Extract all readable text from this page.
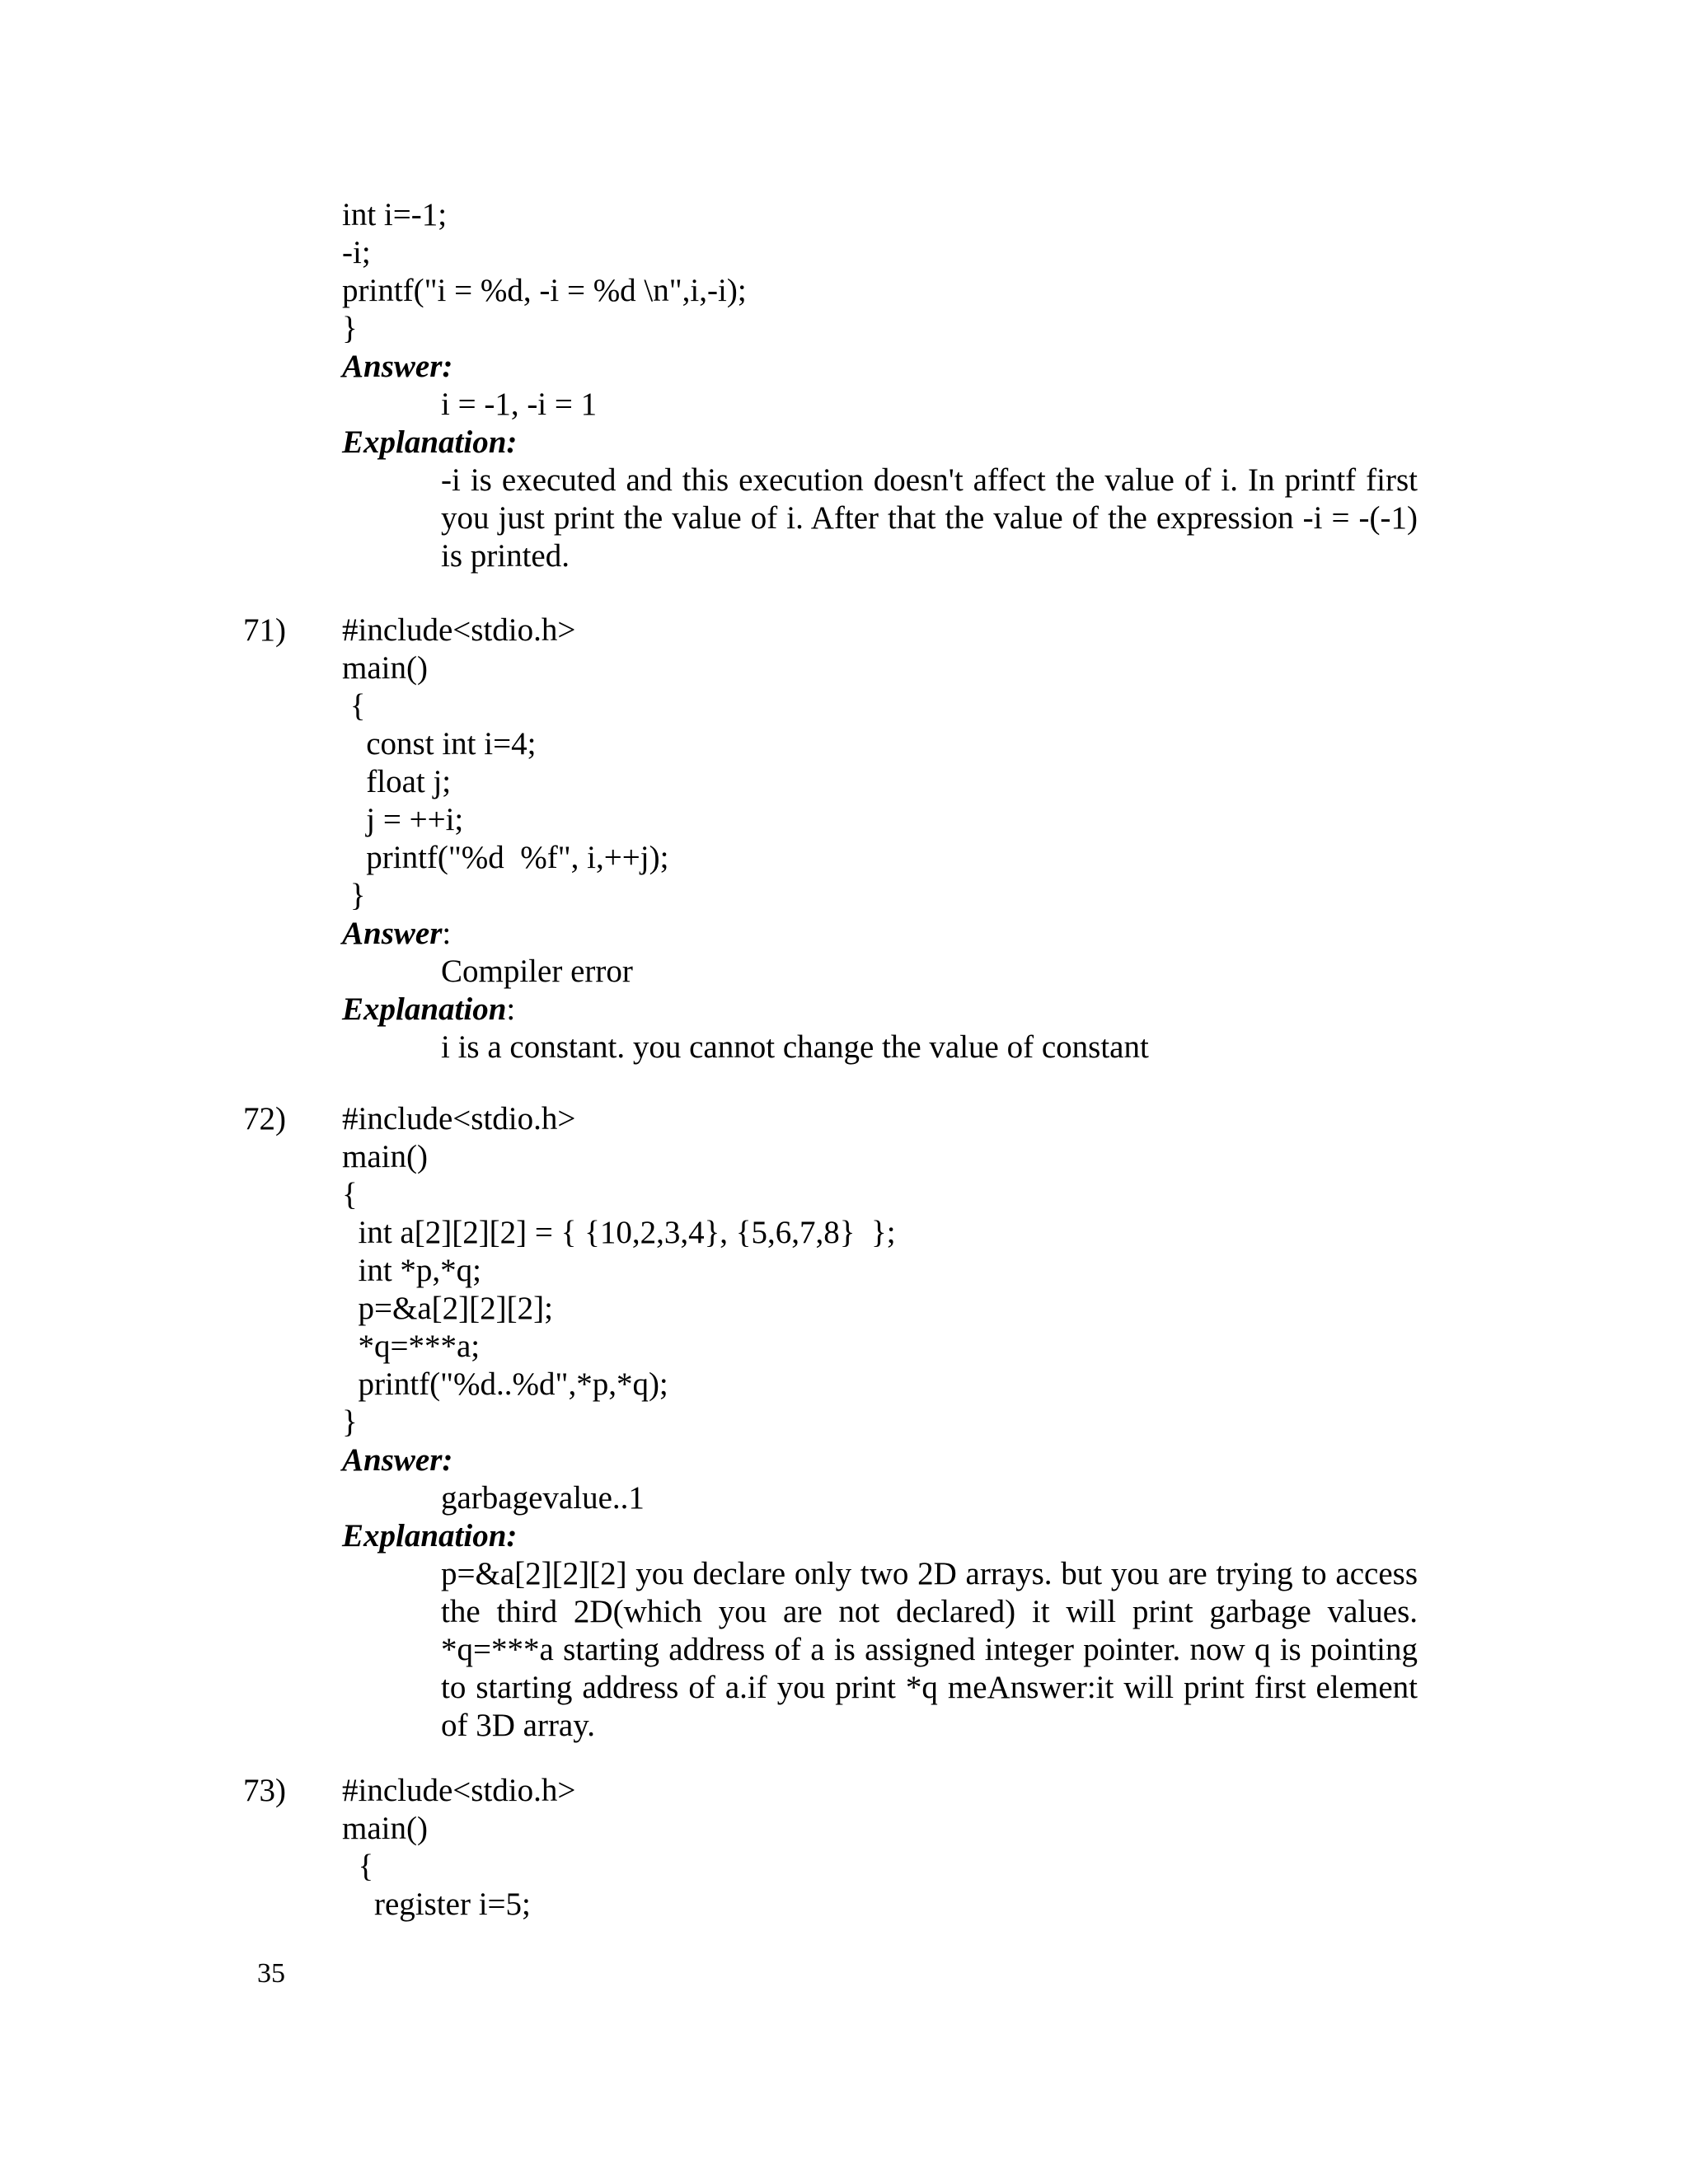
int i=-1;
-i;
printf("i = %d, -i = %d \n",i,-i);
}
Answer:
i = -1, -i = 1
Explanation:
-i is executed and this execution doesn't affect the value of i. In printf first
you just print the value of i. After that the value of the expression -i = -(-1)
is printed.
71) #include<stdio.h>
main()
{
const int i=4;
float j;
j = ++i;
printf("%d  %f", i,++j);
}
Answer:
Compiler error
Explanation:
i is a constant. you cannot change the value of constant
72) #include<stdio.h>
main()
{
int a[2][2][2] = { {10,2,3,4}, {5,6,7,8}  };
int *p,*q;
p=&a[2][2][2];
*q=***a;
printf("%d..%d",*p,*q);
}
Answer:
garbagevalue..1
Explanation:
p=&a[2][2][2] you declare only two 2D arrays. but you are trying to access
the third 2D(which you are not declared) it will print garbage values.
*q=***a starting address of a is assigned integer pointer. now q is pointing
to starting address of a.if you print *q meAnswer:it will print first element
of 3D array.
73) #include<stdio.h>
main()
{
register i=5;
35
